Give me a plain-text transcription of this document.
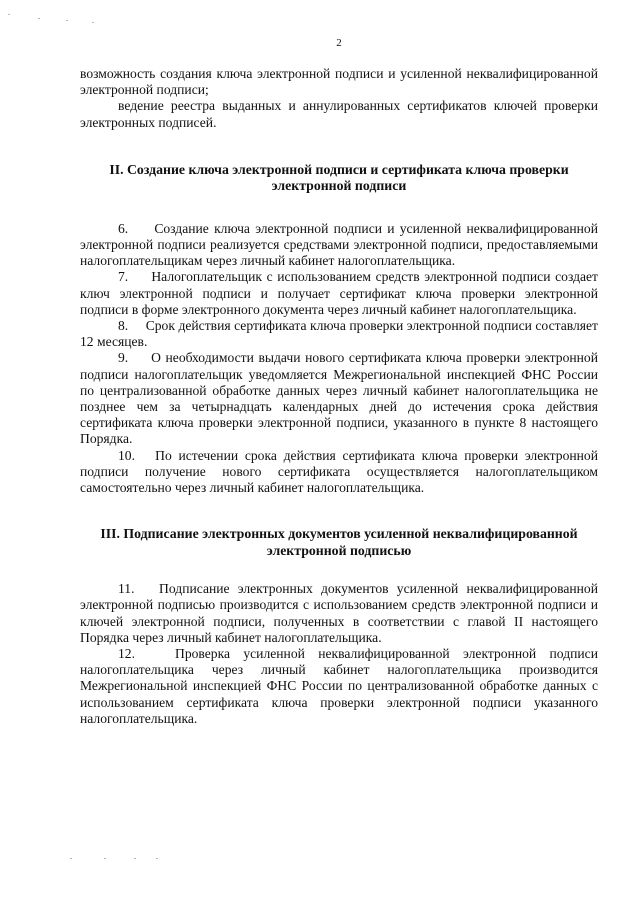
2

возможность создания ключа электронной подписи и усиленной неквалифицированной электронной подписи;

ведение реестра выданных и аннулированных сертификатов ключей проверки электронных подписей.

II. Создание ключа электронной подписи и сертификата ключа проверки электронной подписи

6.     Создание ключа электронной подписи и усиленной неквалифицированной электронной подписи реализуется средствами электронной подписи, предоставляемыми налогоплательщикам через личный кабинет налогоплательщика.

7.     Налогоплательщик с использованием средств электронной подписи создает ключ электронной подписи и получает сертификат ключа проверки электронной подписи в форме электронного документа через личный кабинет налогоплательщика.

8.     Срок действия сертификата ключа проверки электронной подписи составляет 12 месяцев.

9.     О необходимости выдачи нового сертификата ключа проверки электронной подписи налогоплательщик уведомляется Межрегиональной инспекцией ФНС России по централизованной обработке данных через личный кабинет налогоплательщика не позднее чем за четырнадцать календарных дней до истечения срока действия сертификата ключа проверки электронной подписи, указанного в пункте 8 настоящего Порядка.

10.   По истечении срока действия сертификата ключа проверки электронной подписи получение нового сертификата осуществляется налогоплательщиком самостоятельно через личный кабинет налогоплательщика.

III. Подписание электронных документов усиленной неквалифицированной электронной подписью

11.   Подписание электронных документов усиленной неквалифицированной электронной подписью производится с использованием средств электронной подписи и ключей электронной подписи, полученных в соответствии с главой II настоящего Порядка через личный кабинет налогоплательщика.

12.   Проверка усиленной неквалифицированной электронной подписи налогоплательщика через личный кабинет налогоплательщика производится Межрегиональной инспекцией ФНС России по централизованной обработке данных с использованием сертификата ключа проверки электронной подписи указанного налогоплательщика.
